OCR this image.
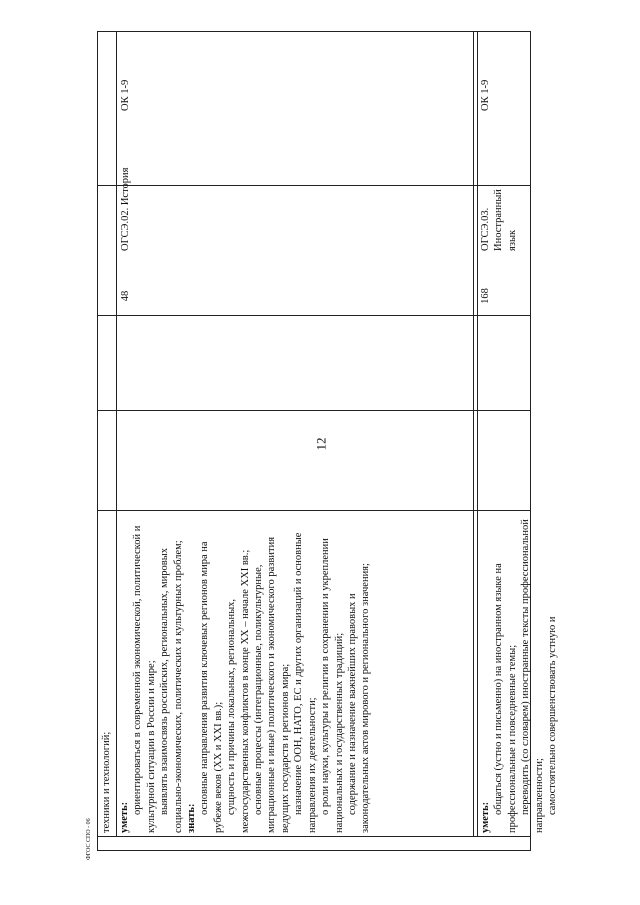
12
техники и технологий; уметь:

ориентироваться в современной экономической, политической и культурной ситуации в России и мире; выявлять взаимосвязь российских, региональных, мировых социально-экономических, политических и культурных проблем; знать:

основные направления развития ключевых регионов мира на рубеже веков (XX и XXI вв.); сущность и причины локальных, региональных, межгосударственных конфликтов в конце XX – начале XXI вв.; основные процессы (интеграционные, поликультурные, миграционные и иные) политического и экономического развития ведущих государств и регионов мира; назначение ООН, НАТО, ЕС и других организаций и основные направления их деятельности; о роли науки, культуры и религии в сохранении и укреплении национальных и государственных традиций; содержание и назначение важнейших правовых и законодательных актов мирового и регионального значения;

48
ОГСЭ.02. История
ОК 1-9

уметь:

общаться (устно и письменно) на иностранном языке на профессиональные и повседневные темы; переводить (со словарем) иностранные тексты профессиональной направленности; самостоятельно совершенствовать устную и

168

ОГСЭ.03. Иностранный язык

ОК 1-9
ФГОС СПО - 06
